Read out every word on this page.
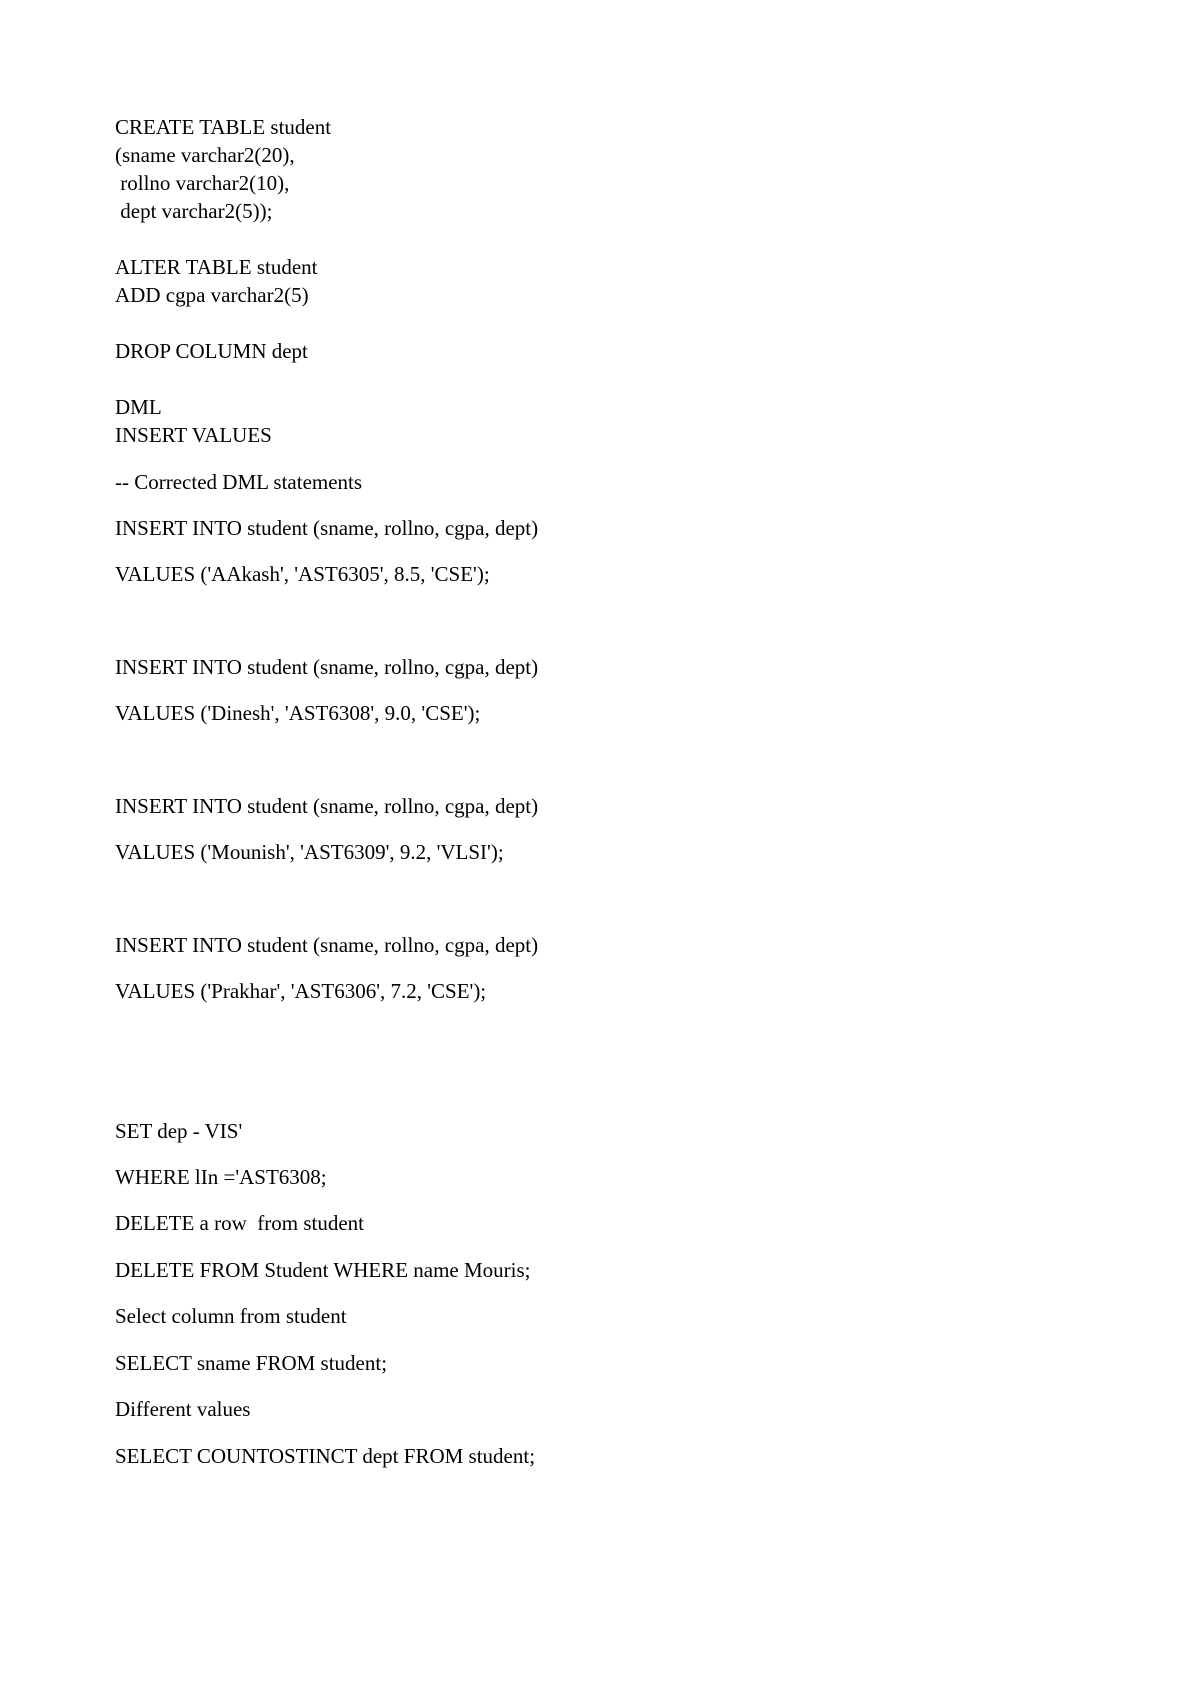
CREATE TABLE student
(sname varchar2(20),
rollno varchar2(10),
dept varchar2(5));
ALTER TABLE student
ADD cgpa varchar2(5)
DROP COLUMN dept
DML
INSERT VALUES
-- Corrected DML statements
INSERT INTO student (sname, rollno, cgpa, dept)
VALUES ('AAkash', 'AST6305', 8.5, 'CSE');
INSERT INTO student (sname, rollno, cgpa, dept)
VALUES ('Dinesh', 'AST6308', 9.0, 'CSE');
INSERT INTO student (sname, rollno, cgpa, dept)
VALUES ('Mounish', 'AST6309', 9.2, 'VLSI');
INSERT INTO student (sname, rollno, cgpa, dept)
VALUES ('Prakhar', 'AST6306', 7.2, 'CSE');
SET dep - VIS'
WHERE lIn ='AST6308;
DELETE a row  from student
DELETE FROM Student WHERE name Mouris;
Select column from student
SELECT sname FROM student;
Different values
SELECT COUNTOSTINCT dept FROM student;
